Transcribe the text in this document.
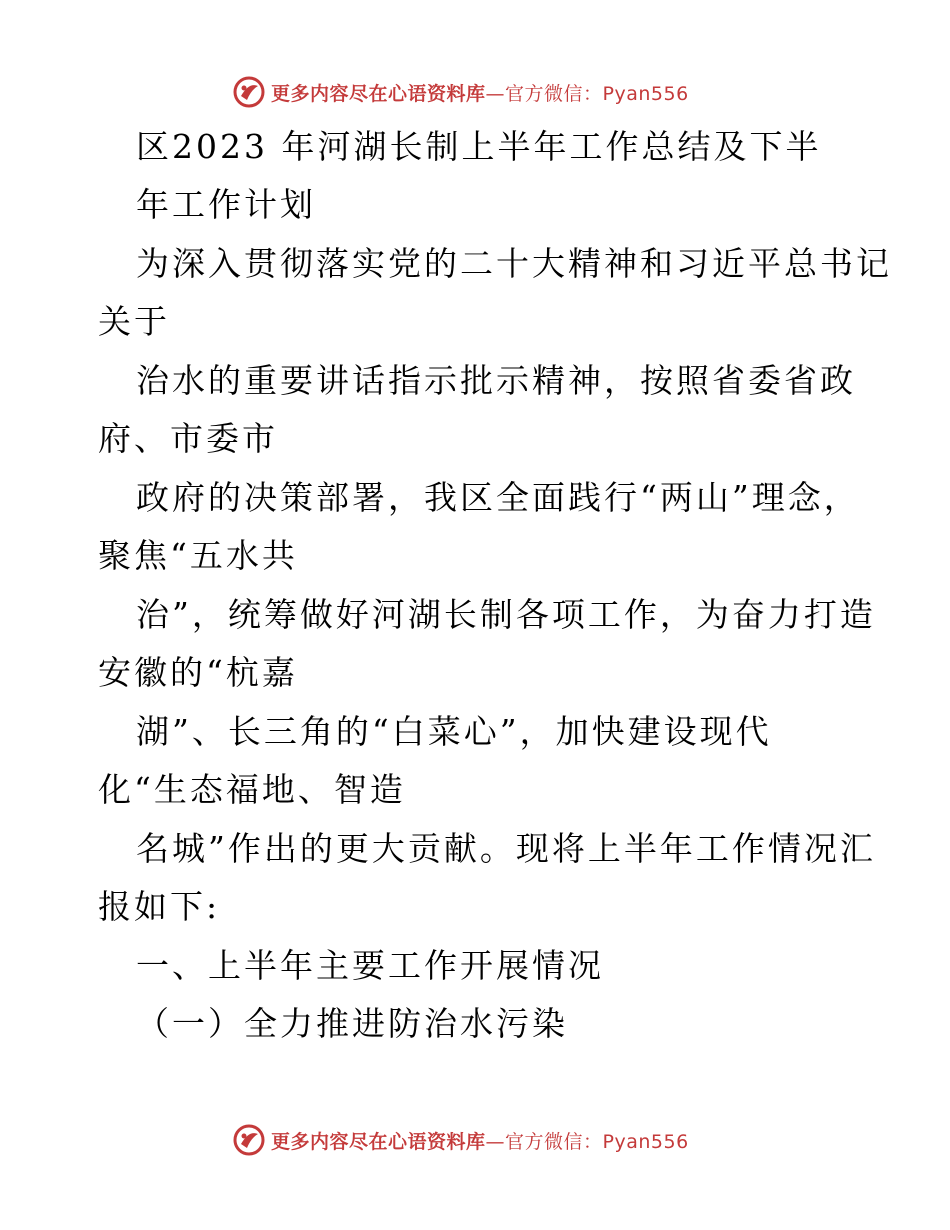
更多内容尽在心语资料库—官方微信：Pyan556
区2023 年河湖长制上半年工作总结及下半
年工作计划
为深入贯彻落实党的二十大精神和习近平总书记
关于
治水的重要讲话指示批示精神，按照省委省政
府、市委市
政府的决策部署，我区全面践行“两山”理念，
聚焦“五水共
治”，统筹做好河湖长制各项工作，为奋力打造
安徽的“杭嘉
湖”、长三角的“白菜心”，加快建设现代
化“生态福地、智造
名城”作出的更大贡献。现将上半年工作情况汇
报如下:
一、上半年主要工作开展情况
（一）全力推进防治水污染
更多内容尽在心语资料库—官方微信：Pyan556
